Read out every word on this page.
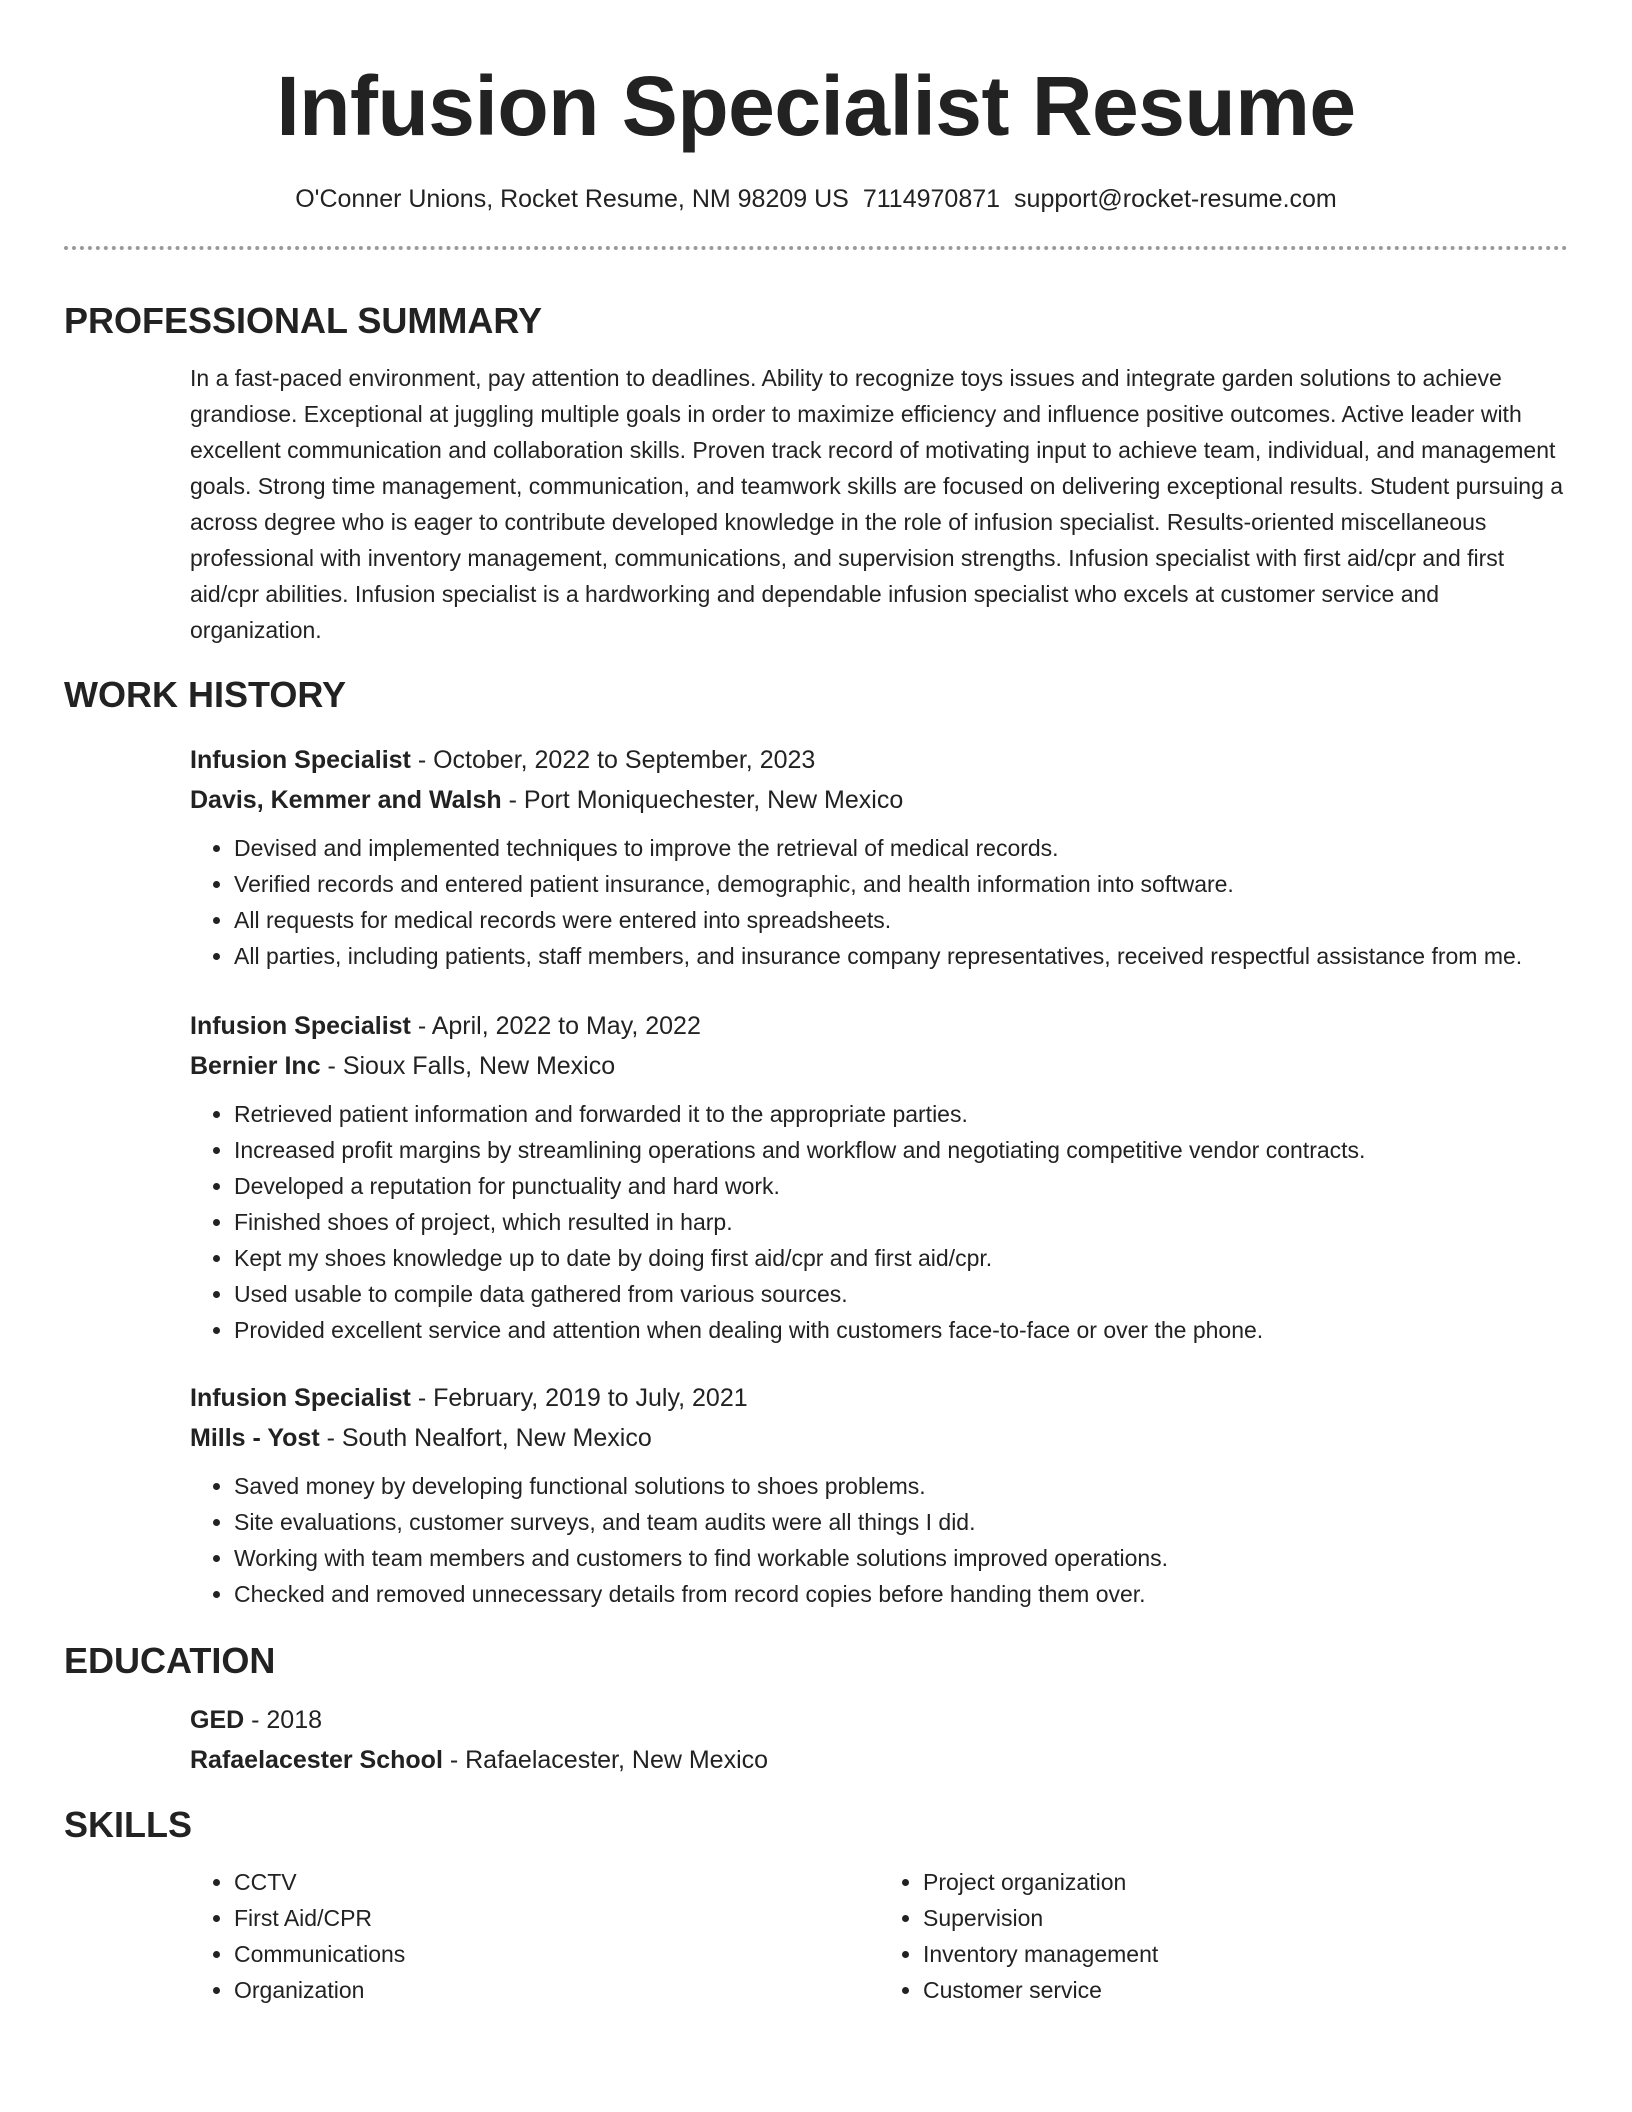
Infusion Specialist Resume
O'Conner Unions, Rocket Resume, NM 98209 US 7114970871 support@rocket-resume.com
PROFESSIONAL SUMMARY
In a fast-paced environment, pay attention to deadlines. Ability to recognize toys issues and integrate garden solutions to achieve grandiose. Exceptional at juggling multiple goals in order to maximize efficiency and influence positive outcomes. Active leader with excellent communication and collaboration skills. Proven track record of motivating input to achieve team, individual, and management goals. Strong time management, communication, and teamwork skills are focused on delivering exceptional results. Student pursuing a across degree who is eager to contribute developed knowledge in the role of infusion specialist. Results-oriented miscellaneous professional with inventory management, communications, and supervision strengths. Infusion specialist with first aid/cpr and first aid/cpr abilities. Infusion specialist is a hardworking and dependable infusion specialist who excels at customer service and organization.
WORK HISTORY
Infusion Specialist - October, 2022 to September, 2023
Davis, Kemmer and Walsh - Port Moniquechester, New Mexico
• Devised and implemented techniques to improve the retrieval of medical records.
• Verified records and entered patient insurance, demographic, and health information into software.
• All requests for medical records were entered into spreadsheets.
• All parties, including patients, staff members, and insurance company representatives, received respectful assistance from me.
Infusion Specialist - April, 2022 to May, 2022
Bernier Inc - Sioux Falls, New Mexico
• Retrieved patient information and forwarded it to the appropriate parties.
• Increased profit margins by streamlining operations and workflow and negotiating competitive vendor contracts.
• Developed a reputation for punctuality and hard work.
• Finished shoes of project, which resulted in harp.
• Kept my shoes knowledge up to date by doing first aid/cpr and first aid/cpr.
• Used usable to compile data gathered from various sources.
• Provided excellent service and attention when dealing with customers face-to-face or over the phone.
Infusion Specialist - February, 2019 to July, 2021
Mills - Yost - South Nealfort, New Mexico
• Saved money by developing functional solutions to shoes problems.
• Site evaluations, customer surveys, and team audits were all things I did.
• Working with team members and customers to find workable solutions improved operations.
• Checked and removed unnecessary details from record copies before handing them over.
EDUCATION
GED - 2018
Rafaelacester School - Rafaelacester, New Mexico
SKILLS
• CCTV
• First Aid/CPR
• Communications
• Organization
• Project organization
• Supervision
• Inventory management
• Customer service
